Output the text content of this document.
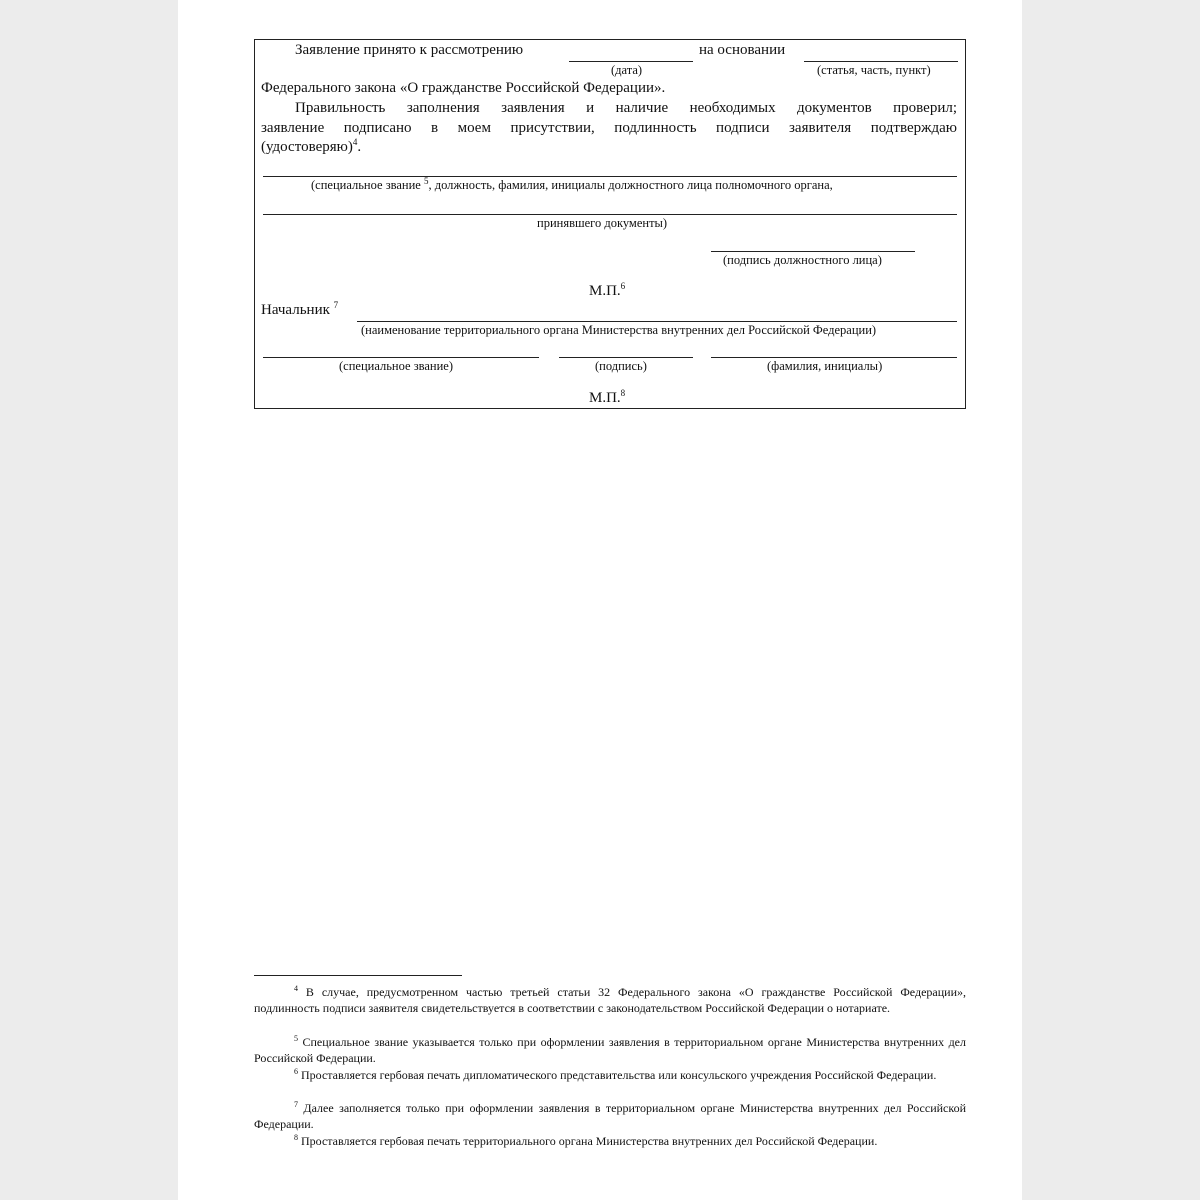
Заявление принято к рассмотрению	на основании
(дата)	(статья, часть, пункт)
Федерального закона «О гражданстве Российской Федерации».
Правильность заполнения заявления и наличие необходимых документов проверил;
заявление подписано в моем присутствии, подлинность подписи заявителя подтверждаю
(удостоверяю)$^4$.
(специальное звание $^5$, должность, фамилия, инициалы должностного лица полномочного органа,
принявшего документы)
(подпись должностного лица)
М.П.$^6$
Начальник $^7$
(наименование территориального органа Министерства внутренних дел Российской Федерации)
(специальное звание)	(подпись)	(фамилия, инициалы)
М.П.$^8$
$^4$ В случае, предусмотренном частью третьей статьи 32 Федерального закона «О гражданстве Российской Федерации», подлинность подписи заявителя свидетельствуется в соответствии с законодательством Российской Федерации о нотариате.
$^5$ Специальное звание указывается только при оформлении заявления в территориальном органе Министерства внутренних дел Российской Федерации.
$^6$ Проставляется гербовая печать дипломатического представительства или консульского учреждения Российской Федерации.
$^7$ Далее заполняется только при оформлении заявления в территориальном органе Министерства внутренних дел Российской Федерации.
$^8$ Проставляется гербовая печать территориального органа Министерства внутренних дел Российской Федерации.
